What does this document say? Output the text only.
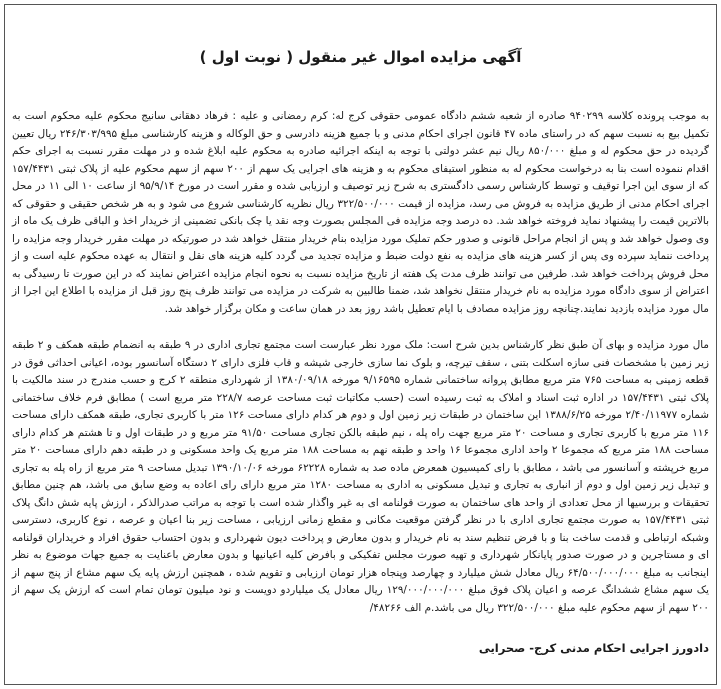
آگهی مزایده اموال غیر منقول ( نوبت اول )

به موجب پرونده کلاسه ۹۴۰۲۹۹ صادره از شعبه ششم دادگاه عمومی حقوقی کرج له: کرم رمضانی و علیه : فرهاد دهقانی سانیج محکوم علیه محکوم است به تکمیل بیع به نسبت سهم که در راستای ماده ۴۷ قانون اجرای احکام مدنی و با جمیع هزینه دادرسی و حق الوکاله و هزینه کارشناسی مبلغ ۲۴۶/۳۰۳/۹۹۵ ریال تعیین گردیده در حق محکوم له و مبلغ ۸۵۰/۰۰۰ ریال نیم عشر دولتی با توجه به اینکه اجرائیه صادره به محکوم علیه ابلاغ شده و در مهلت مقرر نسبت به اجرای حکم اقدام ننموده است بنا به درخواست محکوم له به منظور استیفای محکوم به و هزینه های اجرایی یک سهم از ۲۰۰ سهم از سهم محکوم علیه از پلاک ثبتی ۱۵۷/۴۴۳۱ که از سوی این اجرا توقیف و توسط کارشناس رسمی دادگستری به شرح زیر توصیف و ارزیابی شده و مقرر است در مورخ ۹۵/۹/۱۴ از ساعت ۱۰ الی ۱۱ در محل اجرای احکام مدنی از طریق مزایده به فروش می رسد، مزایده از قیمت ۳۲۲/۵۰۰/۰۰۰ ریال نظریه کارشناسی شروع می شود و به هر شخص حقیقی و حقوقی که بالاترین قیمت را پیشنهاد نماید فروخته خواهد شد. ده درصد وجه مزایده فی المجلس بصورت وجه نقد یا چک بانکی تضمینی از خریدار اخذ و الباقی ظرف یک ماه از وی وصول خواهد شد و پس از انجام مراحل قانونی و صدور حکم تملیک مورد مزایده بنام خریدار منتقل خواهد شد در صورتیکه در مهلت مقرر خریدار وجه مزایده را پرداخت ننماید سپرده وی پس از کسر هزینه های مزایده به نفع دولت ضبط و مزایده تجدید می گردد کلیه هزینه های نقل و انتقال به عهده محکوم علیه است و از محل فروش پرداخت خواهد شد. طرفین می توانند ظرف مدت یک هفته از تاریخ مزایده نسبت به نحوه انجام مزایده اعتراض نمایند که در این صورت تا رسیدگی به اعتراض از سوی دادگاه مورد مزایده به نام خریدار منتقل نخواهد شد، ضمنا طالبین به شرکت در مزایده می توانند ظرف پنج روز قبل از مزایده با اطلاع این اجرا از مال مورد مزایده بازدید نمایند.چنانچه روز مزایده مصادف با ایام تعطیل باشد روز بعد در همان ساعت و مکان برگزار خواهد شد.

مال مورد مزایده و بهای آن طبق نظر کارشناس بدین شرح است: ملک مورد نظر عبارست است مجتمع تجاری اداری در ۹ طبقه به انضمام طبقه همکف و ۲ طبقه زیر زمین با مشخصات فنی سازه اسکلت بتنی ، سقف تیرچه، و بلوک نما سازی خارجی شیشه و قاب فلزی دارای ۲ دستگاه آسانسور بوده، اعیانی احداثی فوق در قطعه زمینی به مساحت ۷۶۵ متر مربع مطابق پروانه ساختمانی شماره ۹/۱۶۵۹۵ مورخه ۱۳۸۰/۰۹/۱۸ از شهرداری منطقه ۲ کرج و حسب مندرج در سند مالکیت با پلاک ثبتی ۱۵۷/۴۴۳۱ در اداره ثبت اسناد و املاک به ثبت رسیده است (حسب مکاتبات ثبت مساحت عرصه ۲۲۸/۷ متر مربع است ) مطابق فرم خلاف ساختمانی شماره ۲/۴۰/۱۱۹۷۷ مورخه ۱۳۸۸/۶/۲۵ این ساختمان در طبقات زیر زمین اول و دوم هر کدام دارای مساحت ۱۲۶ متر با کاربری تجاری، طبقه همکف دارای مساحت ۱۱۶ متر مربع با کاربری تجاری و مساحت ۲۰ متر مربع جهت راه پله ، نیم طبقه بالکن تجاری مساحت ۹۱/۵۰ متر مربع و در طبقات اول و تا هشتم هر کدام دارای مساحت ۱۸۸ متر مربع که مجموعا ۲ واحد اداری مجموعا ۱۶ واحد و طبقه نهم به مساحت ۱۸۸ متر مربع یک واحد مسکونی و در طبقه دهم دارای مساحت ۲۰ متر مربع خرپشته و آسانسور می باشد ، مطابق با رای کمیسیون همعرض ماده صد به شماره ۶۲۲۲۸ مورخه ۱۳۹۰/۱۰/۰۶ تبدیل مساحت ۹ متر مربع از راه پله به تجاری و تبدیل زیر زمین اول و دوم از انباری به تجاری و تبدیل مسکونی به اداری به مساحت ۱۲۸۰ متر مربع دارای رای اعاده به وضع سابق می باشد، هم چنین مطابق تحقیقات و بررسیها از محل تعدادی از واحد های ساختمان به صورت قولنامه ای به غیر واگذار شده است با توجه به مراتب صدرالذکر ، ارزش پایه شش دانگ پلاک ثبتی ۱۵۷/۴۴۳۱ به صورت مجتمع تجاری اداری با در نظر گرفتن موقعیت مکانی و مقطع زمانی ارزیابی ، مساحت زیر بنا اعیان و عرصه ، نوع کاربری، دسترسی وشبکه ارتباطی و قدمت ساخت بنا و با فرض تنظیم سند به نام خریدار و بدون معارض و پرداخت دیون شهرداری و بدون احتساب حقوق افراد و خریداران قولنامه ای و مستاجرین و در صورت صدور پایانکار شهرداری و تهیه صورت مجلس تفکیکی و بافرض کلیه اعیانیها و بدون معارض باعنایت به جمیع جهات موضوع به نظر اینجانب به مبلغ ۶۴/۵۰۰/۰۰۰/۰۰۰ ریال معادل شش میلیارد و چهارصد وپنجاه هزار تومان ارزیابی و تقویم شده ، همچنین ارزش پایه یک سهم مشاع از پنج سهم از یک سهم مشاع ششدانگ عرصه و اعیان پلاک فوق مبلغ ۱۲۹/۰۰۰/۰۰۰/۰۰۰ ریال معادل یک میلیاردو دویست و نود میلیون تومان تمام است که ارزش یک سهم از ۲۰۰ سهم از سهم محکوم علیه مبلغ ۳۲۲/۵۰۰/۰۰۰ ریال می باشد.م الف ۴۸۲۶۶/

دادورز اجرایی احکام مدنی کرج- صحرایی
